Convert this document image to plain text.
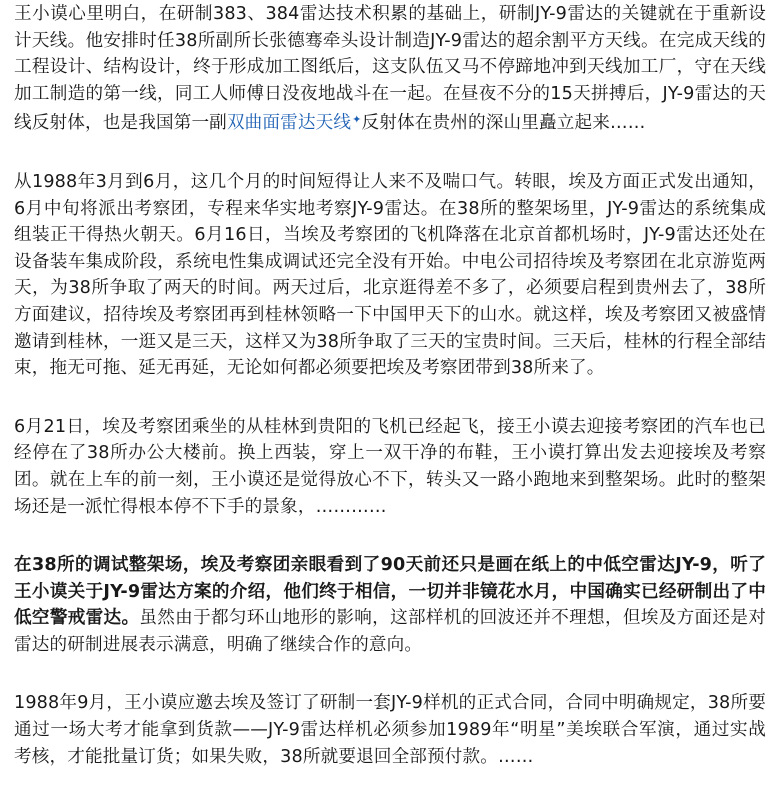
王小谟心里明白，在研制383、384雷达技术积累的基础上，研制JY-9雷达的关键就在于重新设计天线。他安排时任38所副所长张德骞牵头设计制造JY-9雷达的超余割平方天线。在完成天线的工程设计、结构设计，终于形成加工图纸后，这支队伍又马不停蹄地冲到天线加工厂，守在天线加工制造的第一线，同工人师傅日没夜地战斗在一起。在昼夜不分的15天拼搏后，JY-9雷达的天线反射体，也是我国第一副双曲面雷达天线✦反射体在贵州的深山里矗立起来……

从1988年3月到6月，这几个月的时间短得让人来不及喘口气。转眼，埃及方面正式发出通知，6月中旬将派出考察团，专程来华实地考察JY-9雷达。在38所的整架场里，JY-9雷达的系统集成组装正干得热火朝天。6月16日，当埃及考察团的飞机降落在北京首都机场时，JY-9雷达还处在设备装车集成阶段，系统电性集成调试还完全没有开始。中电公司招待埃及考察团在北京游览两天，为38所争取了两天的时间。两天过后，北京逛得差不多了，必须要启程到贵州去了，38所方面建议，招待埃及考察团再到桂林领略一下中国甲天下的山水。就这样，埃及考察团又被盛情邀请到桂林，一逛又是三天，这样又为38所争取了三天的宝贵时间。三天后，桂林的行程全部结束，拖无可拖、延无再延，无论如何都必须要把埃及考察团带到38所来了。

6月21日，埃及考察团乘坐的从桂林到贵阳的飞机已经起飞，接王小谟去迎接考察团的汽车也已经停在了38所办公大楼前。换上西装，穿上一双干净的布鞋，王小谟打算出发去迎接埃及考察团。就在上车的前一刻，王小谟还是觉得放心不下，转头又一路小跑地来到整架场。此时的整架场还是一派忙得根本停不下手的景象，…………

在38所的调试整架场，埃及考察团亲眼看到了90天前还只是画在纸上的中低空雷达JY-9，听了王小谟关于JY-9雷达方案的介绍，他们终于相信，一切并非镜花水月，中国确实已经研制出了中低空警戒雷达。虽然由于都匀环山地形的影响，这部样机的回波还并不理想，但埃及方面还是对雷达的研制进展表示满意，明确了继续合作的意向。

1988年9月，王小谟应邀去埃及签订了研制一套JY-9样机的正式合同，合同中明确规定，38所要通过一场大考才能拿到货款——JY-9雷达样机必须参加1989年“明星”美埃联合军演，通过实战考核，才能批量订货；如果失败，38所就要退回全部预付款。……
